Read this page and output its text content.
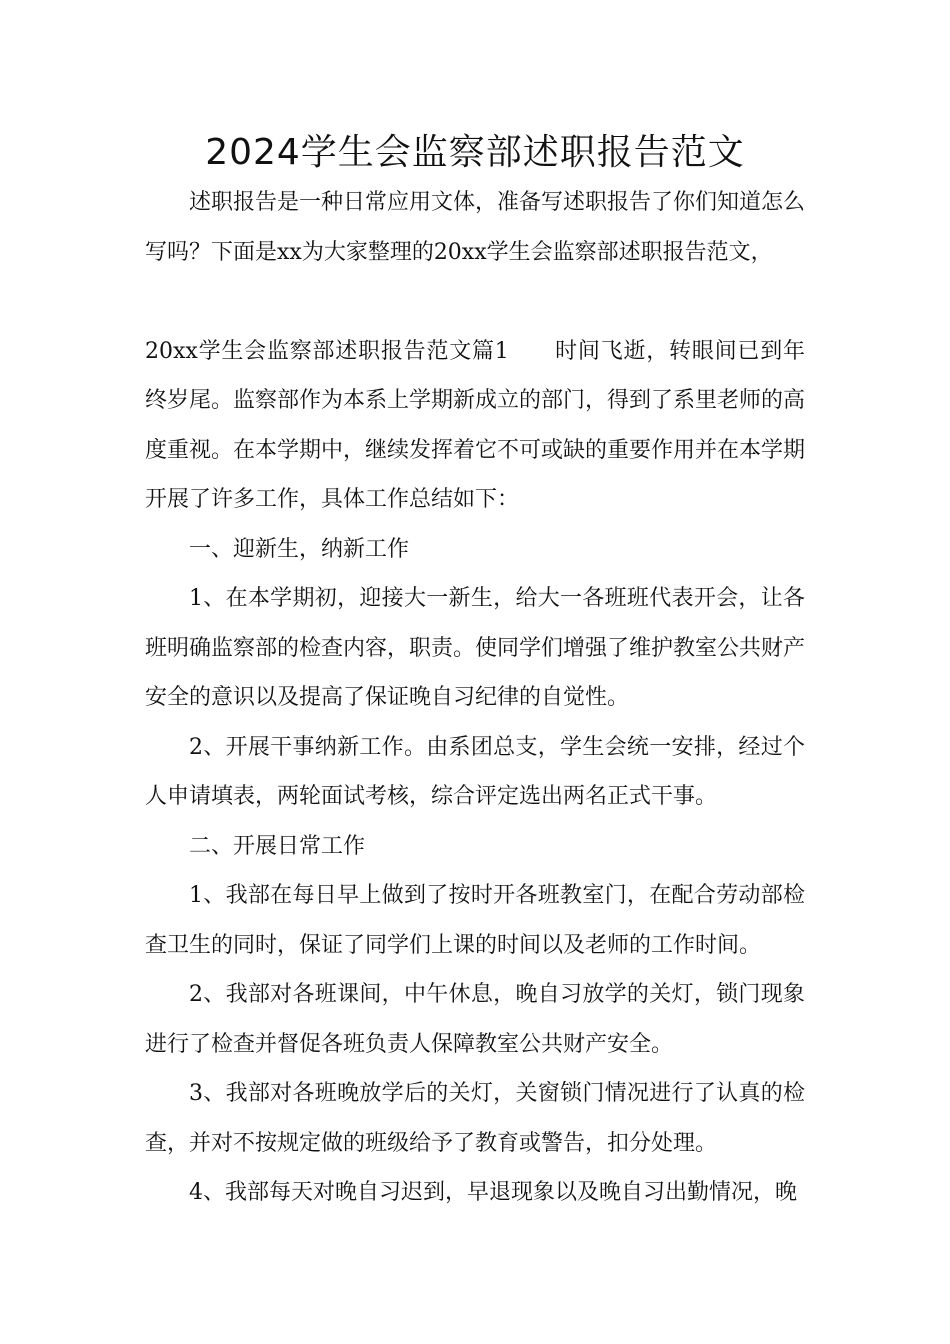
2024学生会监察部述职报告范文

述职报告是一种日常应用文体，准备写述职报告了你们知道怎么写吗？下面是xx为大家整理的20xx学生会监察部述职报告范文，

20xx学生会监察部述职报告范文篇1　　时间飞逝，转眼间已到年终岁尾。监察部作为本系上学期新成立的部门，得到了系里老师的高度重视。在本学期中，继续发挥着它不可或缺的重要作用并在本学期开展了许多工作，具体工作总结如下：

一、迎新生，纳新工作

1、在本学期初，迎接大一新生，给大一各班班代表开会，让各班明确监察部的检查内容，职责。使同学们增强了维护教室公共财产安全的意识以及提高了保证晚自习纪律的自觉性。

2、开展干事纳新工作。由系团总支，学生会统一安排，经过个人申请填表，两轮面试考核，综合评定选出两名正式干事。

二、开展日常工作

1、我部在每日早上做到了按时开各班教室门，在配合劳动部检查卫生的同时，保证了同学们上课的时间以及老师的工作时间。

2、我部对各班课间，中午休息，晚自习放学的关灯，锁门现象进行了检查并督促各班负责人保障教室公共财产安全。

3、我部对各班晚放学后的关灯，关窗锁门情况进行了认真的检查，并对不按规定做的班级给予了教育或警告，扣分处理。

4、我部每天对晚自习迟到，早退现象以及晚自习出勤情况，晚
